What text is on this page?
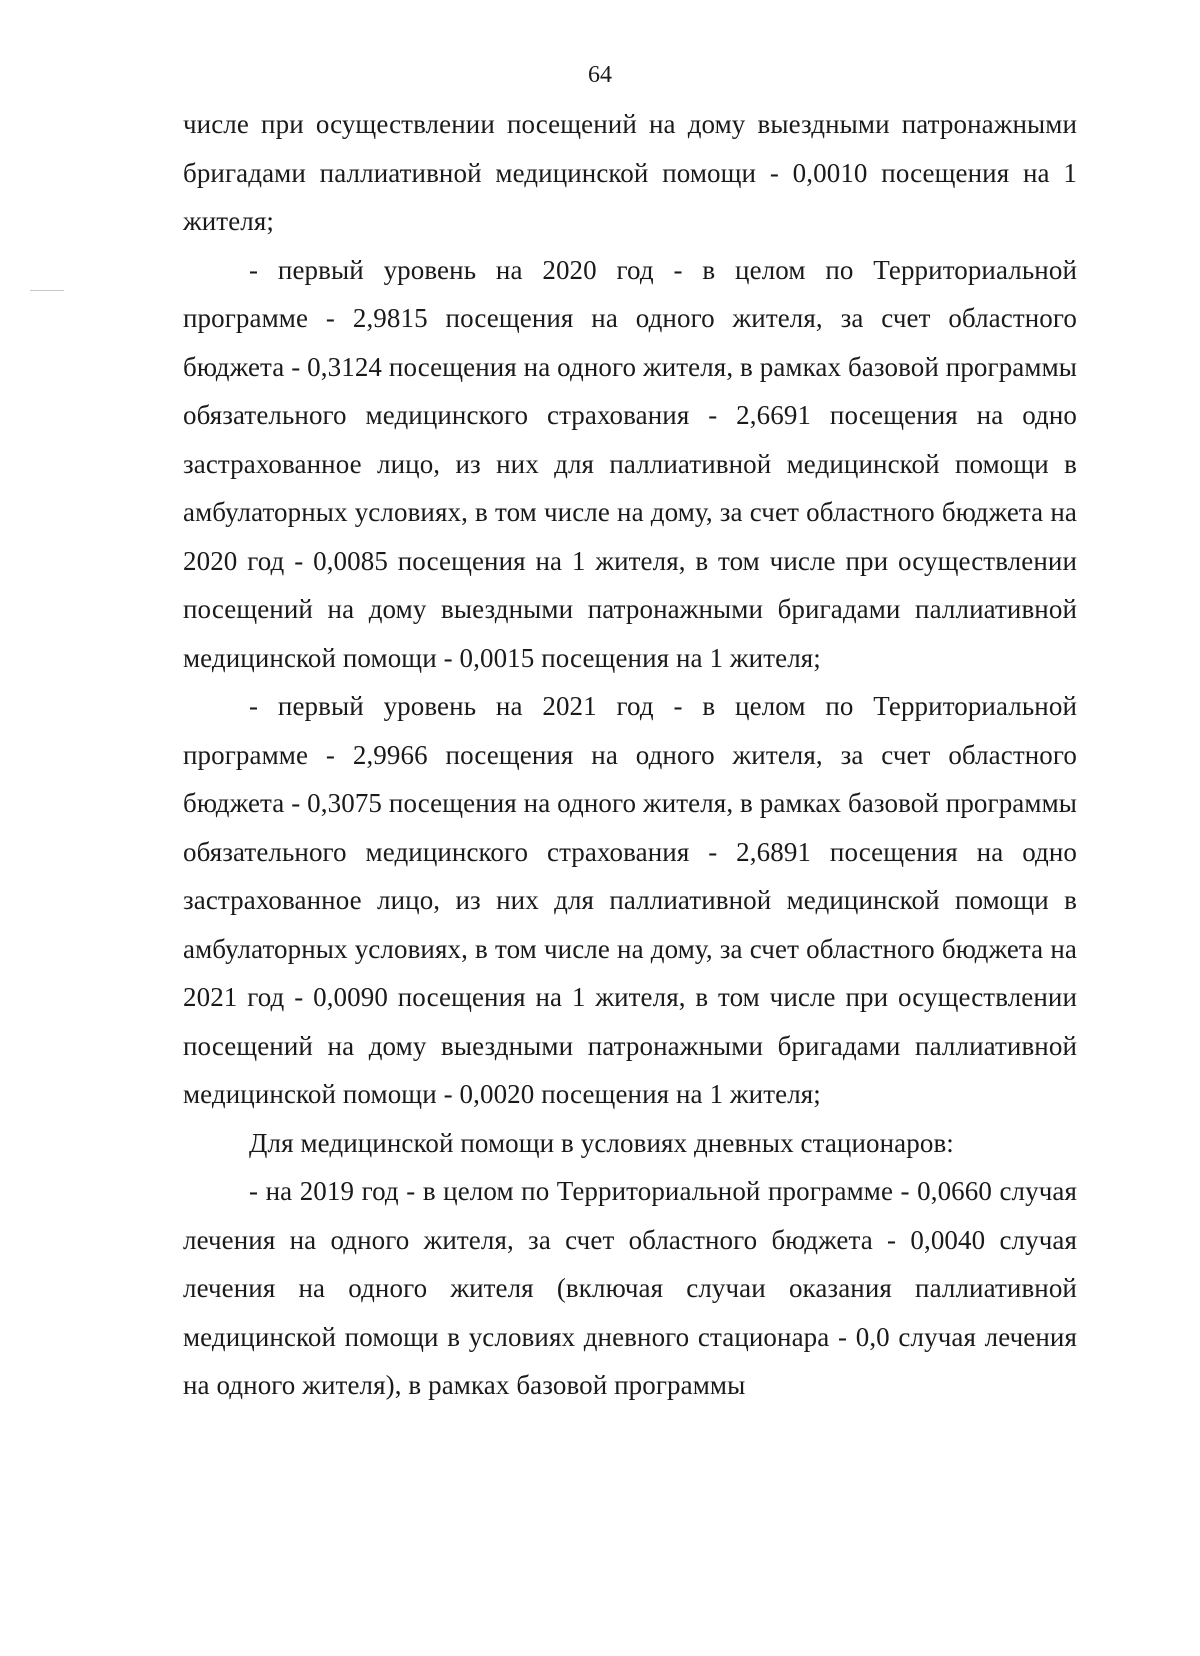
64

числе при осуществлении посещений на дому выездными патронажными бригадами паллиативной медицинской помощи - 0,0010 посещения на 1 жителя;

- первый уровень на 2020 год - в целом по Территориальной программе - 2,9815 посещения на одного жителя, за счет областного бюджета - 0,3124 посещения на одного жителя, в рамках базовой программы обязательного медицинского страхования - 2,6691 посещения на одно застрахованное лицо, из них для паллиативной медицинской помощи в амбулаторных условиях, в том числе на дому, за счет областного бюджета на 2020 год - 0,0085 посещения на 1 жителя, в том числе при осуществлении посещений на дому выездными патронажными бригадами паллиативной медицинской помощи - 0,0015 посещения на 1 жителя;

- первый уровень на 2021 год - в целом по Территориальной программе - 2,9966 посещения на одного жителя, за счет областного бюджета - 0,3075 посещения на одного жителя, в рамках базовой программы обязательного медицинского страхования - 2,6891 посещения на одно застрахованное лицо, из них для паллиативной медицинской помощи в амбулаторных условиях, в том числе на дому, за счет областного бюджета на 2021 год - 0,0090 посещения на 1 жителя, в том числе при осуществлении посещений на дому выездными патронажными бригадами паллиативной медицинской помощи - 0,0020 посещения на 1 жителя;

Для медицинской помощи в условиях дневных стационаров:

- на 2019 год - в целом по Территориальной программе - 0,0660 случая лечения на одного жителя, за счет областного бюджета - 0,0040 случая лечения на одного жителя (включая случаи оказания паллиативной медицинской помощи в условиях дневного стационара - 0,0 случая лечения на одного жителя), в рамках базовой программы
